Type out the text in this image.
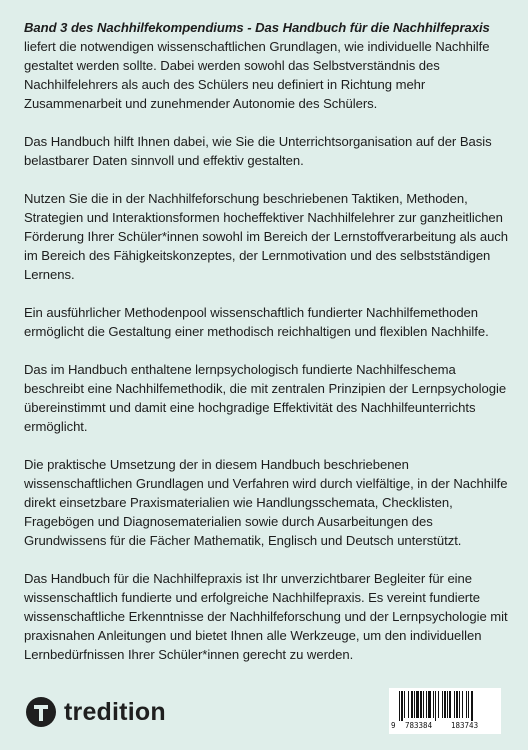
Band 3 des Nachhilfekompendiums - Das Handbuch für die Nachhilfepraxis liefert die notwendigen wissenschaftlichen Grundlagen, wie individuelle Nachhilfe gestaltet werden sollte. Dabei werden sowohl das Selbstverständnis des Nachhilfelehrers als auch des Schülers neu definiert in Richtung mehr Zusammenarbeit und zunehmender Autonomie des Schülers.

Das Handbuch hilft Ihnen dabei, wie Sie die Unterrichtsorganisation auf der Basis belastbarer Daten sinnvoll und effektiv gestalten.

Nutzen Sie die in der Nachhilfeforschung beschriebenen Taktiken, Methoden, Strategien und Interaktionsformen hocheffektiver Nachhilfelehrer zur ganzheitlichen Förderung Ihrer Schüler*innen sowohl im Bereich der Lernstoffverarbeitung als auch im Bereich des Fähigkeitskonzeptes, der Lernmotivation und des selbstständigen Lernens.

Ein ausführlicher Methodenpool wissenschaftlich fundierter Nachhilfemethoden ermöglicht die Gestaltung einer methodisch reichhaltigen und flexiblen Nachhilfe.

Das im Handbuch enthaltene lernpsychologisch fundierte Nachhilfeschema beschreibt eine Nachhilfemethodik, die mit zentralen Prinzipien der Lernpsychologie übereinstimmt und damit eine hochgradige Effektivität des Nachhilfeunterrichts ermöglicht.

Die praktische Umsetzung der in diesem Handbuch beschriebenen wissenschaftlichen Grundlagen und Verfahren wird durch vielfältige, in der Nachhilfe direkt einsetzbare Praxismaterialien wie Handlungsschemata, Checklisten, Fragebögen und Diagnosematerialien sowie durch Ausarbeitungen des Grundwissens für die Fächer Mathematik, Englisch und Deutsch unterstützt.

Das Handbuch für die Nachhilfepraxis ist Ihr unverzichtbarer Begleiter für eine wissenschaftlich fundierte und erfolgreiche Nachhilfepraxis. Es vereint fundierte wissenschaftliche Erkenntnisse der Nachhilfeforschung und der Lernpsychologie mit praxisnahen Anleitungen und bietet Ihnen alle Werkzeuge, um den individuellen Lernbedürfnissen Ihrer Schüler*innen gerecht zu werden.

tredition	9 783384	183743
